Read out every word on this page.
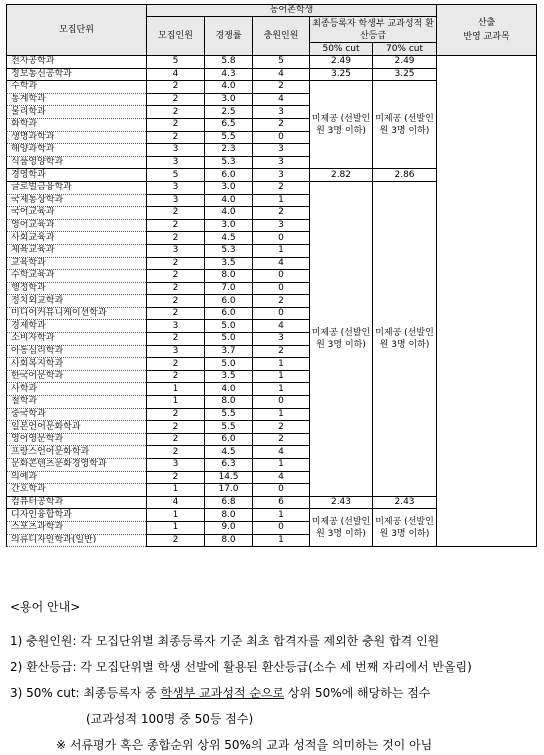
모집단위	농어촌학생					산출
반영 교과목

	모집인원	경쟁률	충원인원	최종등록자 학생부 교과성적 환산등급		
				50% cut	70% cut	
전자공학과	5	5.8	5	2.49	2.49	
정보통신공학과	4	4.3	4	3.25	3.25	
수학과	2	4.0	2	미제공 (선발인원 3명 이하)	미제공 (선발인원 3명 이하)	
통계학과	2	3.0	4			
물리학과	2	2.5	3			
화학과	2	6.5	2			
생명과학과	2	5.5	0			
해양과학과	3	2.3	3			
식품영양학과	3	5.3	3			
경영학과	5	6.0	3	2.82	2.86	
글로벌금융학과	3	3.0	2	미제공 (선발인원 3명 이하)	미제공 (선발인원 3명 이하)	
국제통상학과	3	4.0	1			
국어교육과	2	4.0	2			
영어교육과	2	3.0	3			
사회교육과	2	4.5	0			
체육교육과	3	5.3	1			
교육학과	2	3.5	4			
수학교육과	2	8.0	0			
행정학과	2	7.0	0			
정치외교학과	2	6.0	2			
미디어커뮤니케이션학과	2	6.0	0			
경제학과	3	5.0	4			
소비자학과	2	5.0	3			
아동심리학과	3	3.7	2			
사회복지학과	2	5.0	1			
한국어문학과	2	3.5	1			
사학과	1	4.0	1			
철학과	1	8.0	0			
중국학과	2	5.5	1			
일본언어문화학과	2	5.5	2			
영어영문학과	2	6.0	2			
프랑스언어문화학과	2	4.5	4			
문화콘텐츠문화경영학과	3	6.3	1			
의예과	2	14.5	4			
간호학과	1	17.0	0			
컴퓨터공학과	4	6.8	6	2.43	2.43	
디자인융합학과	1	8.0	1	미제공 (선발인원 3명 이하)	미제공 (선발인원 3명 이하)	
스포츠과학과	1	9.0	0			
의류디자인학과(일반)	2	8.0	1			
<용어 안내>
1) 충원인원: 각 모집단위별 최종등록자 기준 최초 합격자를 제외한 충원 합격 인원
2) 환산등급: 각 모집단위별 학생 선발에 활용된 환산등급(소수 세 번째 자리에서 반올림)
3) 50% cut: 최종등록자 중 학생부 교과성적 순으로 상위 50%에 해당하는 점수
(교과성적 100명 중 50등 점수)
※ 서류평가 혹은 종합순위 상위 50%의 교과 성적을 의미하는 것이 아님
